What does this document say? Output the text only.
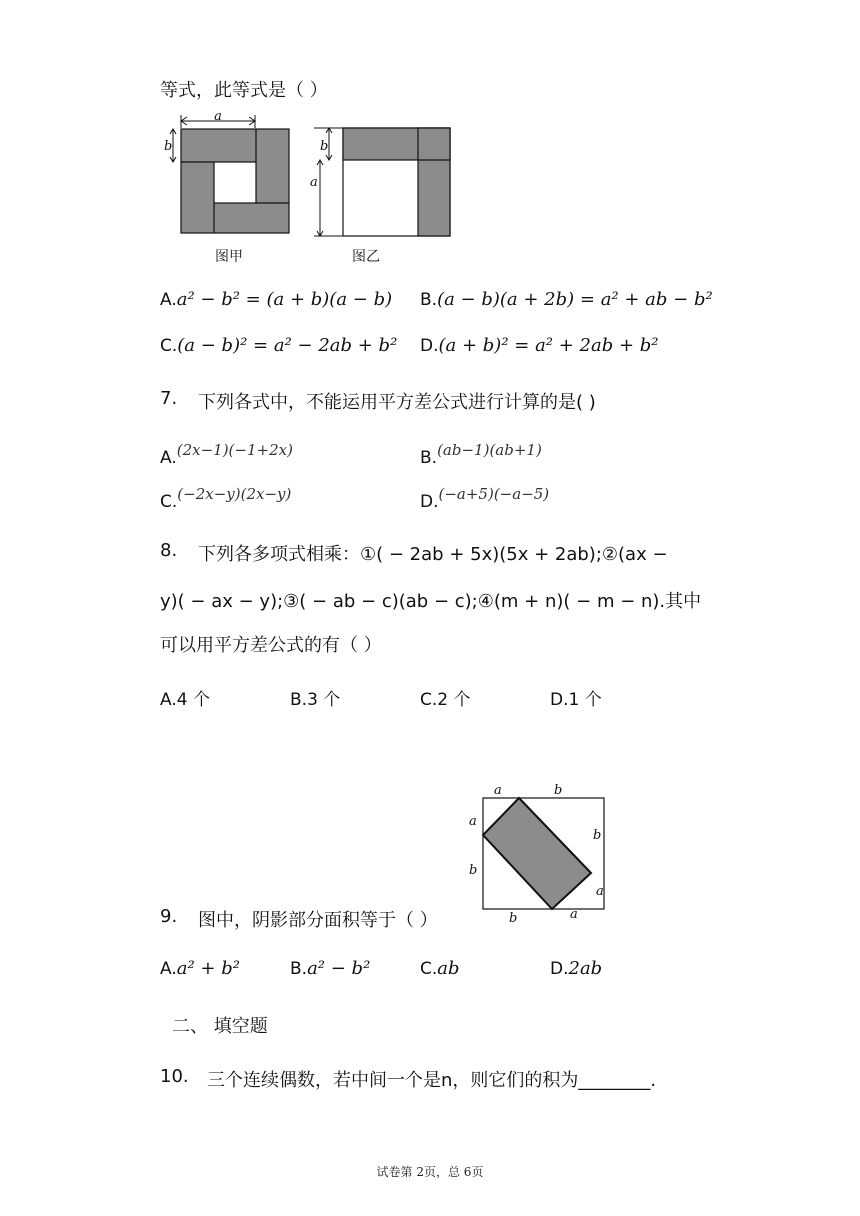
等式，此等式是（ ）
a
b
图甲
b
a
图乙
A.a² − b² = (a + b)(a − b) B.(a − b)(a + 2b) = a² + ab − b²
C.(a − b)² = a² − 2ab + b² D.(a + b)² = a² + 2ab + b²
7. 下列各式中，不能运用平方差公式进行计算的是( )
A.(2x−1)(−1+2x)	B.(ab−1)(ab+1)
C.(−2x−y)(2x−y)	D.(−a+5)(−a−5)
8. 下列各多项式相乘：①( − 2ab + 5x)(5x + 2ab);②(ax −
y)( − ax − y);③( − ab − c)(ab − c);④(m + n)( − m − n).其中
可以用平方差公式的有（ ）
A.4 个	B.3 个	C.2 个	D.1 个
a	b
a
b
b
a
b	a
9. 图中，阴影部分面积等于（ ）
A.a² + b²	B.a² − b²	C.ab	D.2ab
二、 填空题
10. 三个连续偶数，若中间一个是n，则它们的积为________.
试卷第 2页，总 6页
